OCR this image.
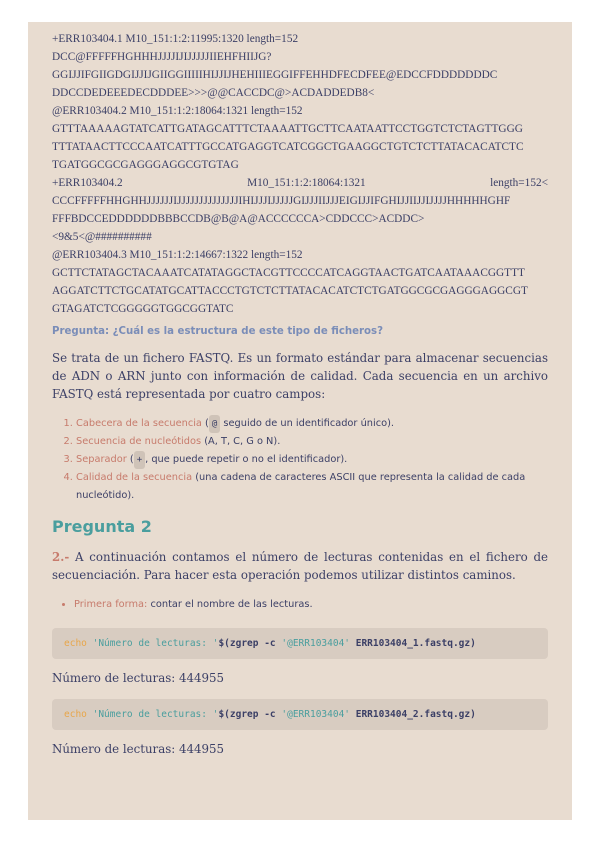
+ERR103404.1 M10_151:1:2:11995:1320 length=152
DCC@FFFFFHGHHHJJJJIJIJJJJJIIEHFHIIJG?
GGIJJIFGIIGDGIJJIJGIIGGIIIIIHIJJIJHEHIIIEGGIFFEHHDFECDFEE@EDCCFDDDDDDDC
DDCCDEDEEEDECDDDEE>>>@@CACCDC@>ACDADDEDB8<
@ERR103404.2 M10_151:1:2:18064:1321 length=152
GTTTAAAAAGTATCATTGATAGCATTTCTAAAATTGCTTCAATAATTCCTGGTCTCTAGTTGGG
TTTATAACTTCCCAATCATTTGCCATGAGGTCATCGGCTGAAGGCTGTCTCTTATACACATCTC
TGATGGCGCGAGGGAGGCGTGTAG
+ERR103404.2	M10_151:1:2:18064:1321	length=152<
CCCFFFFFHHGHHJJJJJJIJJJJJJJJJJJJJJIHIJJJIJJJJJGIJJJIIJJJEIGIJJIFGHIJJIIJJIJJJJHHHHHGHF
FFFBDCCEDDDDDDBBBCCDB@B@A@ACCCCCCA>CDDCCC>ACDDC>
<9&5<@##########
@ERR103404.3 M10_151:1:2:14667:1322 length=152
GCTTCTATAGCTACAAATCATATAGGCTACGTTCCCCATCAGGTAACTGATCAATAAACGGTTT
AGGATCTTCTGCATATGCATTACCCTGTCTCTTATACACATCTCTGATGGCGCGAGGGAGGCGT
GTAGATCTCGGGGGTGGCGGTATC
Pregunta: ¿Cuál es la estructura de este tipo de ficheros?
Se trata de un fichero FASTQ. Es un formato estándar para almacenar secuencias de ADN o ARN junto con información de calidad. Cada secuencia en un archivo FASTQ está representada por cuatro campos:
1. Cabecera de la secuencia ( @ seguido de un identificador único).
2. Secuencia de nucleótidos (A, T, C, G o N).
3. Separador ( + , que puede repetir o no el identificador).
4. Calidad de la secuencia (una cadena de caracteres ASCII que representa la calidad de cada nucleótido).
Pregunta 2
2.- A continuación contamos el número de lecturas contenidas en el fichero de secuenciación. Para hacer esta operación podemos utilizar distintos caminos.
• Primera forma: contar el nombre de las lecturas.
echo 'Número de lecturas: '$(zgrep -c '@ERR103404' ERR103404_1.fastq.gz)
Número de lecturas: 444955
echo 'Número de lecturas: '$(zgrep -c '@ERR103404' ERR103404_2.fastq.gz)
Número de lecturas: 444955
